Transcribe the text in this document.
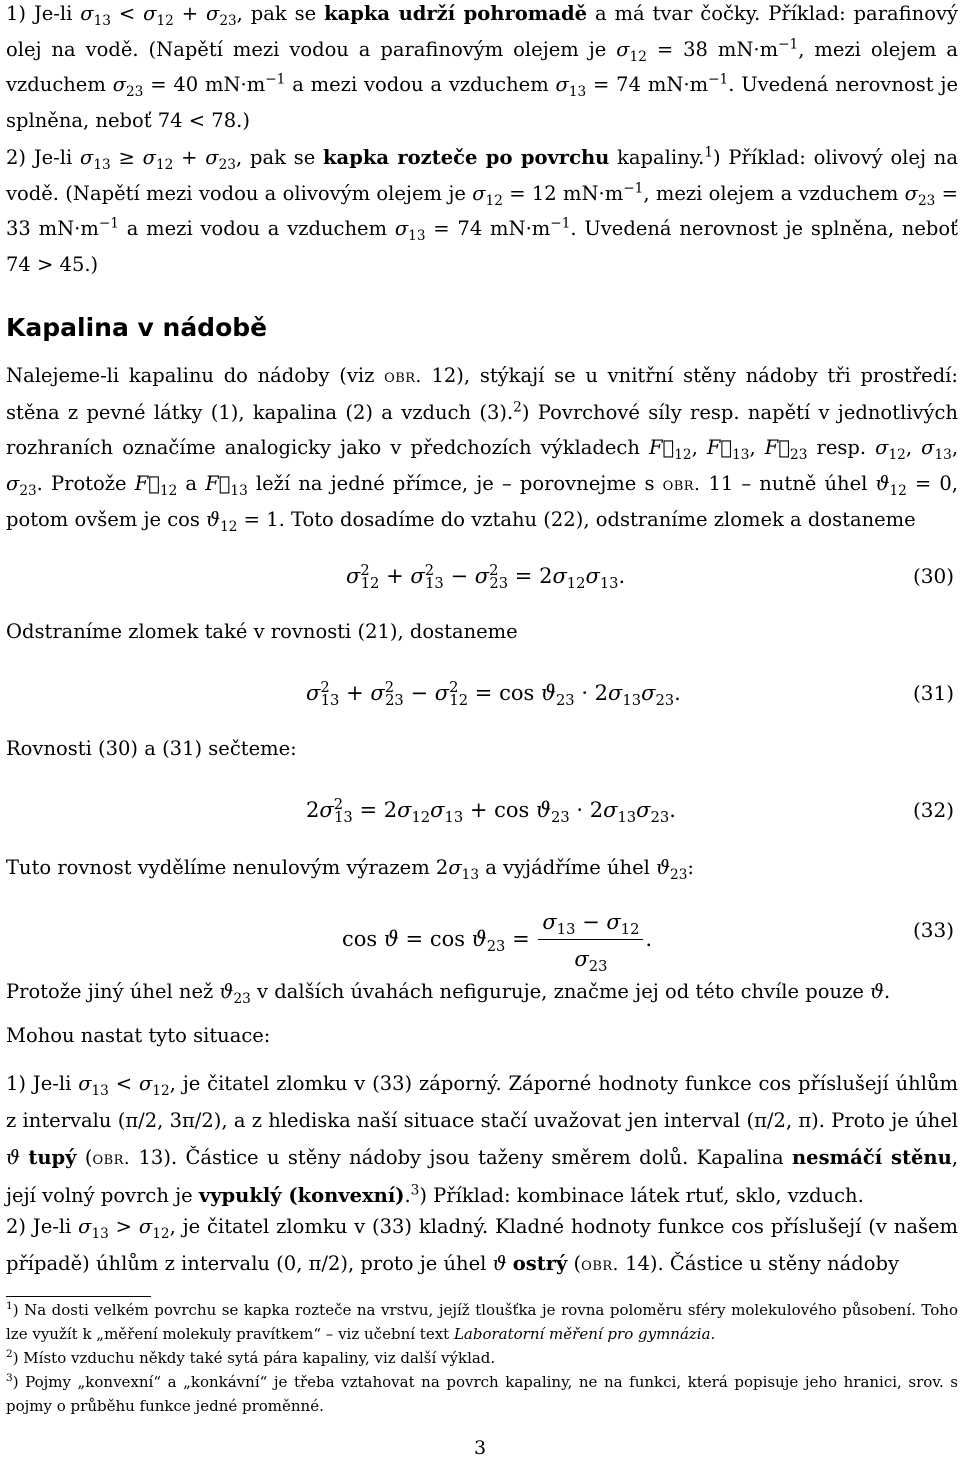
1) Je-li $\sigma_{13} < \sigma_{12} + \sigma_{23}$, pak se kapka udrží pohromadě a má tvar čočky. Příklad: parafinový olej na vodě. (Napětí mezi vodou a parafinovým olejem je $\sigma_{12} = 38$ $mN\cdot m^{-1}$, mezi olejem a vzduchem $\sigma_{23} = 40$ $mN\cdot m^{-1}$ a mezi vodou a vzduchem $\sigma_{13} = 74$ $mN\cdot m^{-1}$. Uvedená nerovnost je splněna, neboť 74 < 78.)
2) Je-li $\sigma_{13} \ge \sigma_{12} + \sigma_{23}$, pak se kapka rozteče po povrchu kapaliny.$^1$) Příklad: olivový olej na vodě. (Napětí mezi vodou a olivovým olejem je $\sigma_{12} = 12$ $mN\cdot m^{-1}$, mezi olejem a vzduchem $\sigma_{23} = 33$ $mN\cdot m^{-1}$ a mezi vodou a vzduchem $\sigma_{13} = 74$ $mN\cdot m^{-1}$. Uvedená nerovnost je splněna, neboť 74 > 45.)
Kapalina v nádobě
Nalejeme-li kapalinu do nádoby (viz obr. 12), stýkají se u vnitřní stěny nádoby tři prostředí: stěna z pevné látky (1), kapalina (2) a vzduch (3).$^2$) Povrchové síly resp. napětí v jednotlivých rozhraních označíme analogicky jako v předchozích výkladech $F⃗_{12}$, $F⃗_{13}$, $F⃗_{23}$ resp. $\sigma_{12}$, $\sigma_{13}$, $\sigma_{23}$. Protože $F⃗_{12}$ a $F⃗_{13}$ leží na jedné přímce, je – porovnejme s obr. 11 – nutně úhel $ϑ_{12} = 0$, potom ovšem je $\cos ϑ_{12} = 1$. Toto dosadíme do vztahu (22), odstraníme zlomek a dostaneme
$\sigma^2_{12} + \sigma^2_{13} - \sigma^2_{23} = 2\sigma_{12}\sigma_{13}$.	(30)
Odstraníme zlomek také v rovnosti (21), dostaneme
$\sigma^2_{13} + \sigma^2_{23} - \sigma^2_{12} = \cos ϑ_{23} \cdot 2\sigma_{13}\sigma_{23}$.	(31)
Rovnosti (30) a (31) sečteme:
$2\sigma^2_{13} = 2\sigma_{12}\sigma_{13} + \cos ϑ_{23} \cdot 2\sigma_{13}\sigma_{23}$.	(32)
Tuto rovnost vydělíme nenulovým výrazem $2\sigma_{13}$ a vyjádříme úhel $ϑ_{23}$:
$\cos ϑ = \cos ϑ_{23} = \frac{\sigma_{13} - \sigma_{12}}{\sigma_{23}}$ .	(33)
Protože jiný úhel než $ϑ_{23}$ v dalších úvahách nefiguruje, značme jej od této chvíle pouze ϑ.
Mohou nastat tyto situace:
1) Je-li $\sigma_{13} < \sigma_{12}$, je čitatel zlomku v (33) záporný. Záporné hodnoty funkce cos příslušejí úhlům z intervalu (π/2, 3π/2), a z hlediska naší situace stačí uvažovat jen interval (π/2, π). Proto je úhel ϑ tupý (obr. 13). Částice u stěny nádoby jsou taženy směrem dolů. Kapalina nesmáčí stěnu, její volný povrch je vypuklý (konvexní).$^3$) Příklad: kombinace látek rtuť, sklo, vzduch.
2) Je-li $\sigma_{13} > \sigma_{12}$, je čitatel zlomku v (33) kladný. Kladné hodnoty funkce cos příslušejí (v našem případě) úhlům z intervalu (0, π/2), proto je úhel ϑ ostrý (obr. 14). Částice u stěny nádoby
$^1$) Na dosti velkém povrchu se kapka rozteče na vrstvu, jejíž tloušťka je rovna poloměru sféry molekulového působení. Toho lze využít k „měření molekuly pravítkem“ – viz učební text Laboratorní měření pro gymnázia.
$^2$) Místo vzduchu někdy také sytá pára kapaliny, viz další výklad.
$^3$) Pojmy „konvexní“ a „konkávní“ je třeba vztahovat na povrch kapaliny, ne na funkci, která popisuje jeho hranici, srov. s pojmy o průběhu funkce jedné proměnné.
3
